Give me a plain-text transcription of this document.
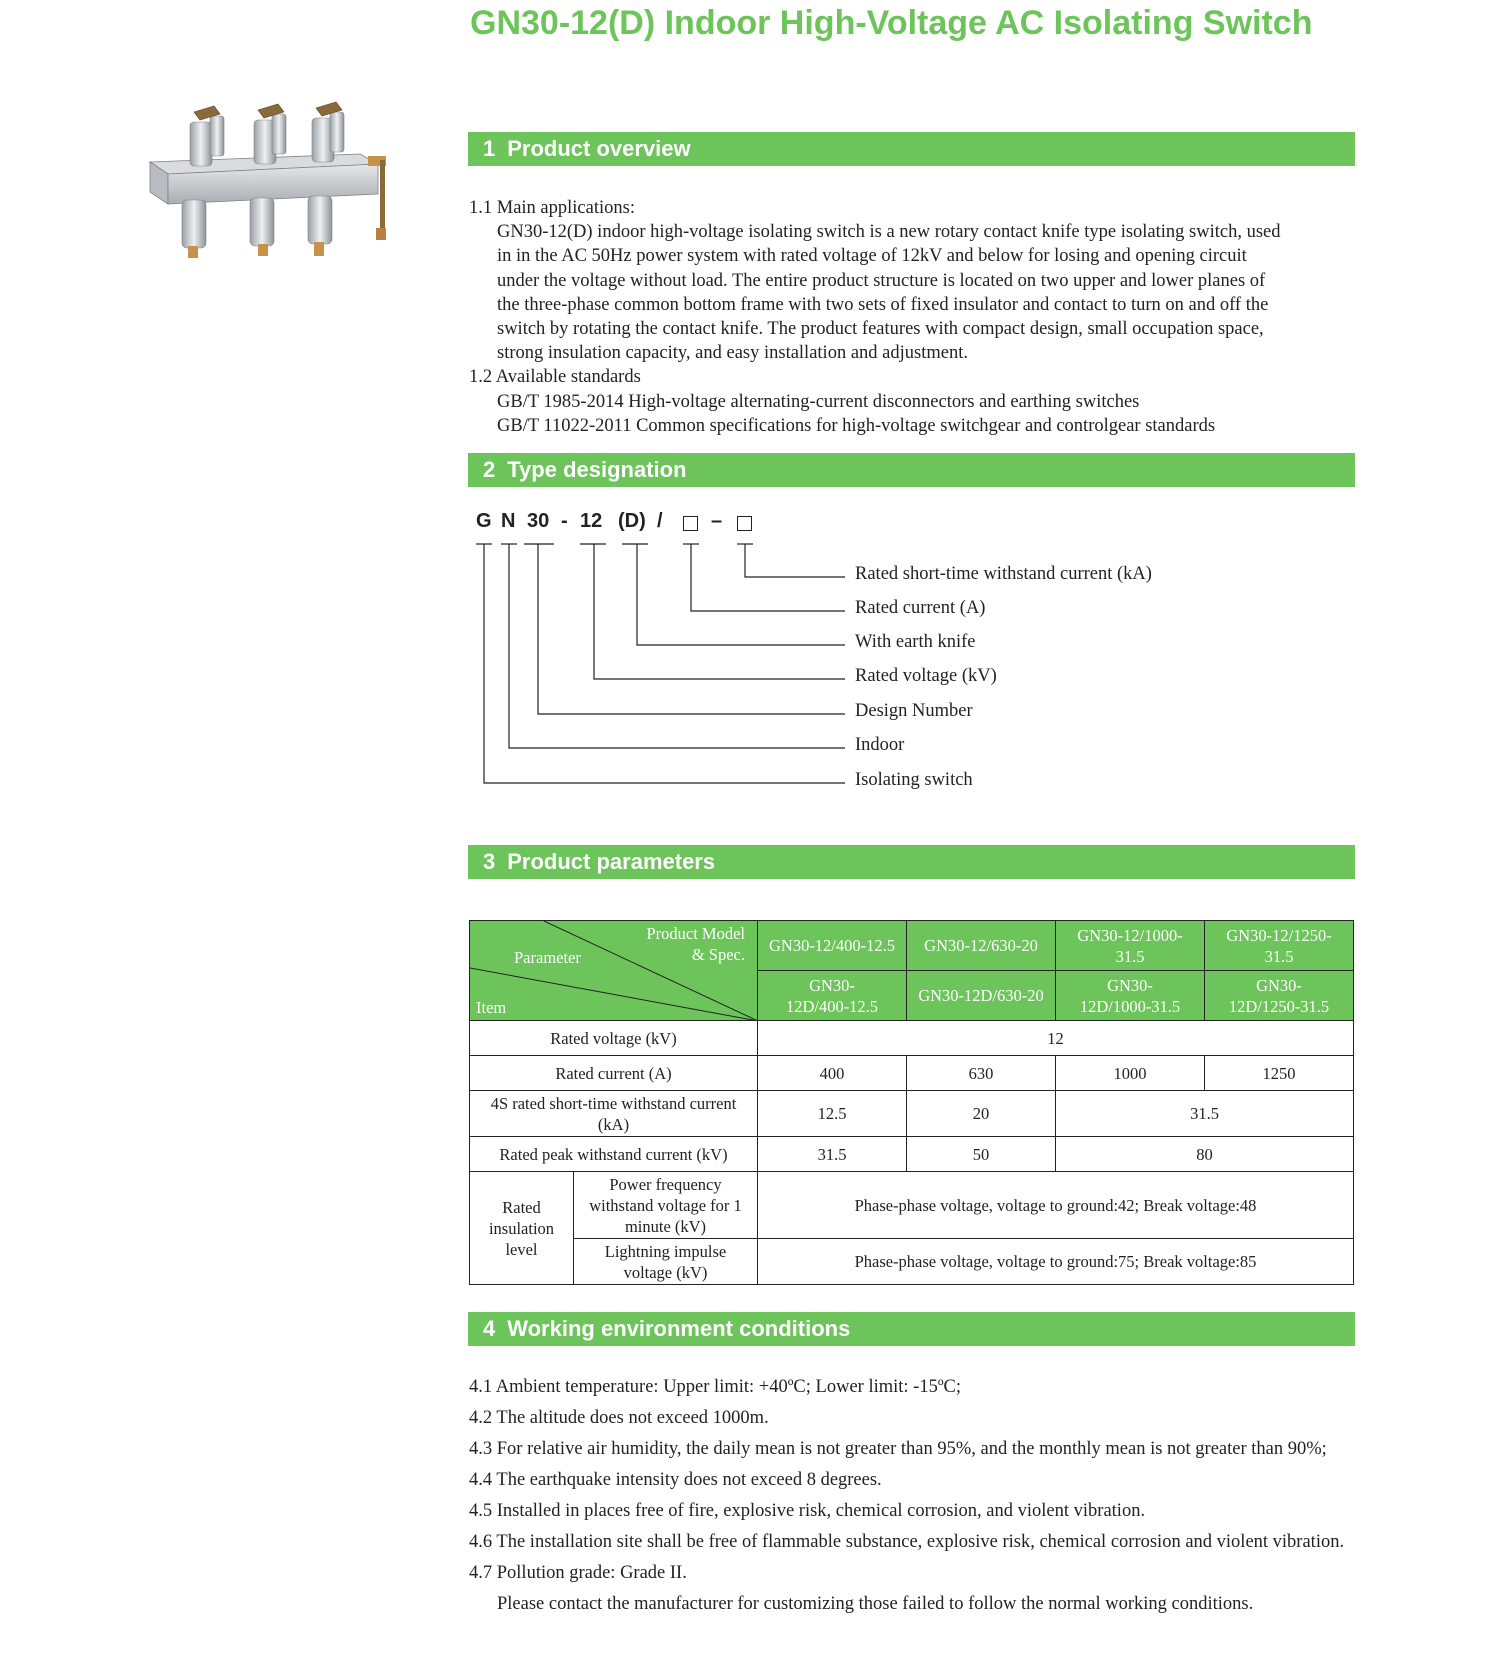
GN30-12(D) Indoor High-Voltage AC Isolating Switch
1 Product overview
1.1 Main applications:
GN30-12(D) indoor high-voltage isolating switch is a new rotary contact knife type isolating switch, used
in in the AC 50Hz power system with rated voltage of 12kV and below for losing and opening circuit
under the voltage without load. The entire product structure is located on two upper and lower planes of
the three-phase common bottom frame with two sets of fixed insulator and contact to turn on and off the
switch by rotating the contact knife. The product features with compact design, small occupation space,
strong insulation capacity, and easy installation and adjustment.
1.2 Available standards
GB/T 1985-2014 High-voltage alternating-current disconnectors and earthing switches
GB/T 11022-2011 Common specifications for high-voltage switchgear and controlgear standards
2 Type designation
G N 30 - 12 (D) / –
Rated short-time withstand current (kA)
Rated current (A)
With earth knife
Rated voltage (kV)
Design Number
Indoor
Isolating switch
3 Product parameters
Product Model
& Spec.
Parameter
Item		GN30-12/400-12.5	GN30-12/630-20	GN30-12/1000-
31.5	GN30-12/1250-
31.5
		GN30-
12D/400-12.5	GN30-12D/630-20	GN30-
12D/1000-31.5	GN30-
12D/1250-31.5
Rated voltage (kV)		12			
Rated current (A)		400	630	1000	1250
4S rated short-time withstand current
(kA)		12.5	20	31.5	
Rated peak withstand current (kV)		31.5	50	80	
Rated
insulation
level	Power frequency
withstand voltage for 1
minute (kV)	Phase-phase voltage, voltage to ground:42; Break voltage:48			
	Lightning impulse
voltage (kV)	Phase-phase voltage, voltage to ground:75; Break voltage:85			
4 Working environment conditions
4.1 Ambient temperature: Upper limit: +40ºC; Lower limit: -15ºC;
4.2 The altitude does not exceed 1000m.
4.3 For relative air humidity, the daily mean is not greater than 95%, and the monthly mean is not greater than 90%;
4.4 The earthquake intensity does not exceed 8 degrees.
4.5 Installed in places free of fire, explosive risk, chemical corrosion, and violent vibration.
4.6 The installation site shall be free of flammable substance, explosive risk, chemical corrosion and violent vibration.
4.7 Pollution grade: Grade II.
Please contact the manufacturer for customizing those failed to follow the normal working conditions.
